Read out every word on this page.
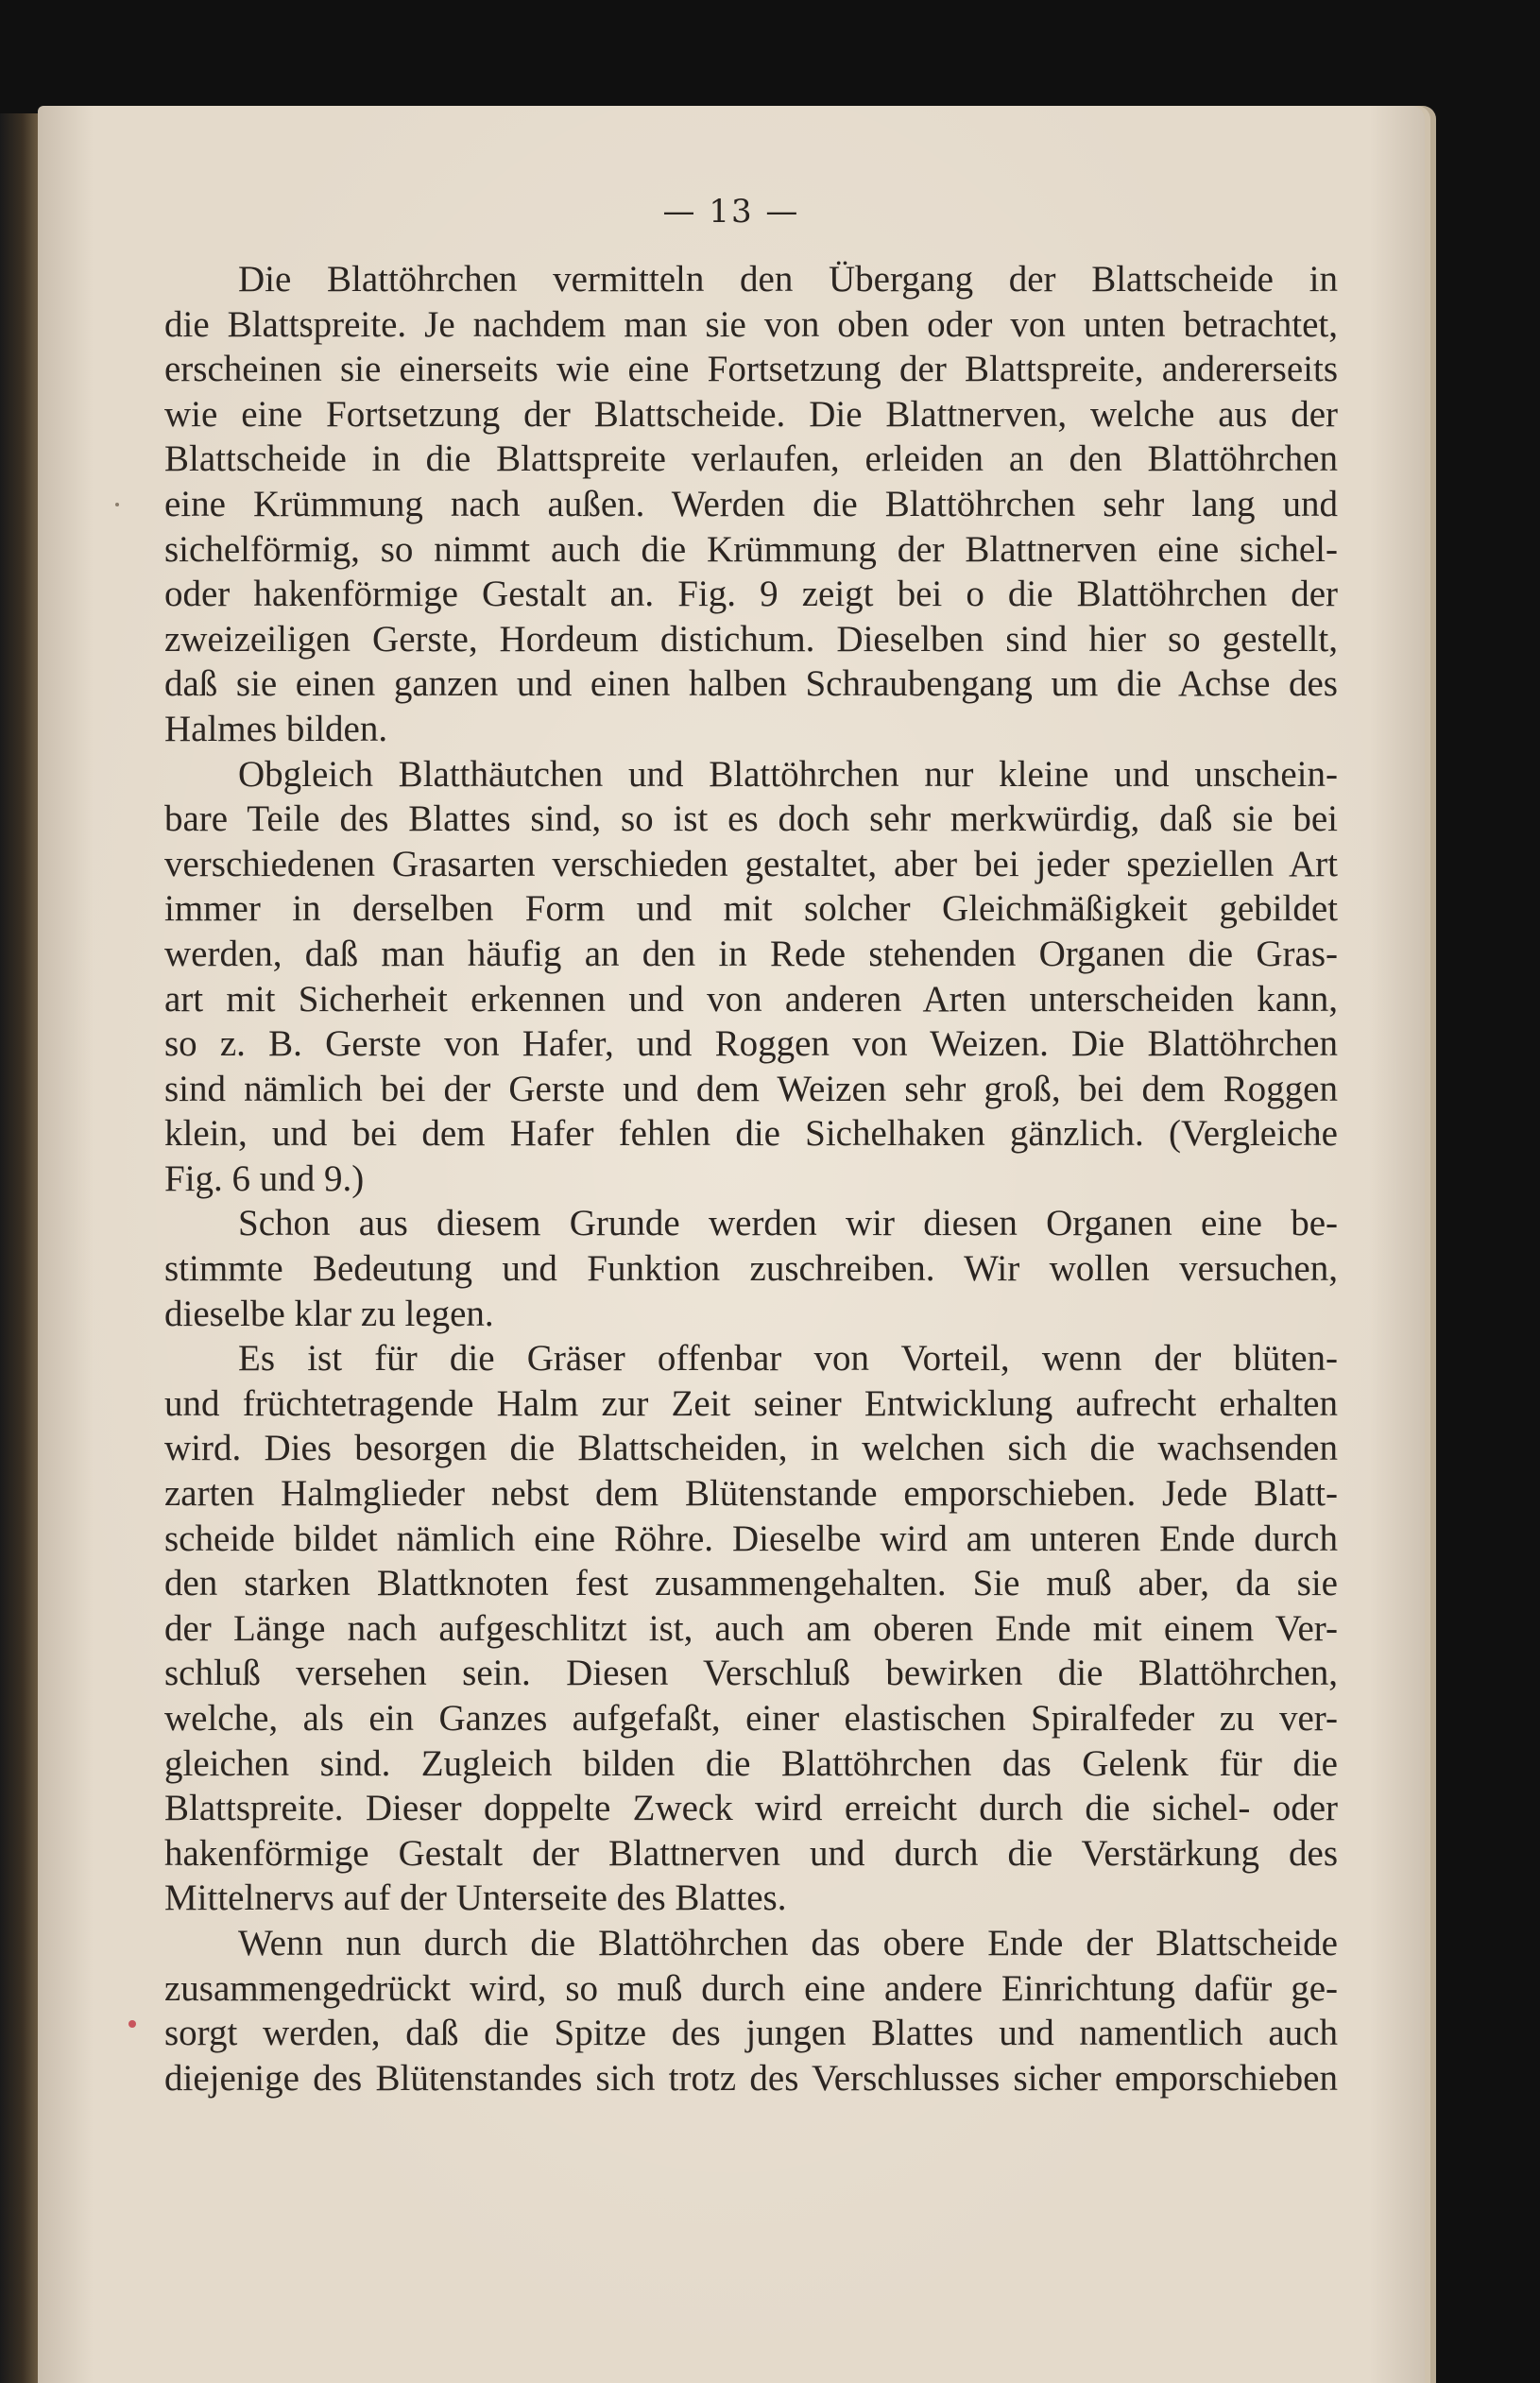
— 13 —
Die Blattöhrchen vermitteln den Übergang der Blattscheide in
die Blattspreite. Je nachdem man sie von oben oder von unten betrachtet,
erscheinen sie einerseits wie eine Fortsetzung der Blattspreite, andererseits
wie eine Fortsetzung der Blattscheide. Die Blattnerven, welche aus der
Blattscheide in die Blattspreite verlaufen, erleiden an den Blattöhrchen
eine Krümmung nach außen. Werden die Blattöhrchen sehr lang und
sichelförmig, so nimmt auch die Krümmung der Blattnerven eine sichel-
oder hakenförmige Gestalt an. Fig. 9 zeigt bei o die Blattöhrchen der
zweizeiligen Gerste, Hordeum distichum. Dieselben sind hier so gestellt,
daß sie einen ganzen und einen halben Schraubengang um die Achse des
Halmes bilden.
Obgleich Blatthäutchen und Blattöhrchen nur kleine und unschein-
bare Teile des Blattes sind, so ist es doch sehr merkwürdig, daß sie bei
verschiedenen Grasarten verschieden gestaltet, aber bei jeder speziellen Art
immer in derselben Form und mit solcher Gleichmäßigkeit gebildet
werden, daß man häufig an den in Rede stehenden Organen die Gras-
art mit Sicherheit erkennen und von anderen Arten unterscheiden kann,
so z. B. Gerste von Hafer, und Roggen von Weizen. Die Blattöhrchen
sind nämlich bei der Gerste und dem Weizen sehr groß, bei dem Roggen
klein, und bei dem Hafer fehlen die Sichelhaken gänzlich. (Vergleiche
Fig. 6 und 9.)
Schon aus diesem Grunde werden wir diesen Organen eine be-
stimmte Bedeutung und Funktion zuschreiben. Wir wollen versuchen,
dieselbe klar zu legen.
Es ist für die Gräser offenbar von Vorteil, wenn der blüten-
und früchtetragende Halm zur Zeit seiner Entwicklung aufrecht erhalten
wird. Dies besorgen die Blattscheiden, in welchen sich die wachsenden
zarten Halmglieder nebst dem Blütenstande emporschieben. Jede Blatt-
scheide bildet nämlich eine Röhre. Dieselbe wird am unteren Ende durch
den starken Blattknoten fest zusammengehalten. Sie muß aber, da sie
der Länge nach aufgeschlitzt ist, auch am oberen Ende mit einem Ver-
schluß versehen sein. Diesen Verschluß bewirken die Blattöhrchen,
welche, als ein Ganzes aufgefaßt, einer elastischen Spiralfeder zu ver-
gleichen sind. Zugleich bilden die Blattöhrchen das Gelenk für die
Blattspreite. Dieser doppelte Zweck wird erreicht durch die sichel- oder
hakenförmige Gestalt der Blattnerven und durch die Verstärkung des
Mittelnervs auf der Unterseite des Blattes.
Wenn nun durch die Blattöhrchen das obere Ende der Blattscheide
zusammengedrückt wird, so muß durch eine andere Einrichtung dafür ge-
sorgt werden, daß die Spitze des jungen Blattes und namentlich auch
diejenige des Blütenstandes sich trotz des Verschlusses sicher emporschieben
